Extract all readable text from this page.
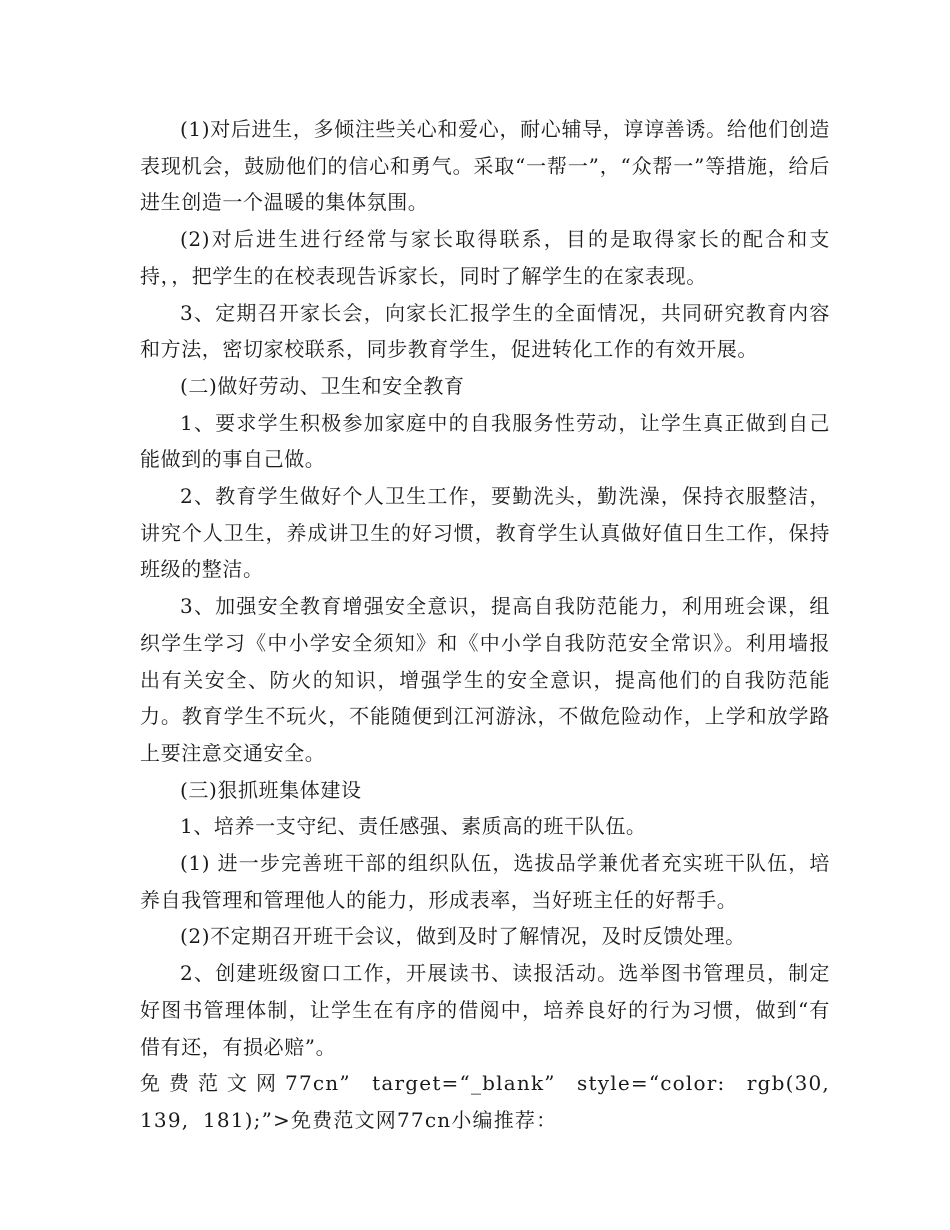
(1)对后进生，多倾注些关心和爱心，耐心辅导，谆谆善诱。给他们创造表现机会，鼓励他们的信心和勇气。采取“一帮一”，“众帮一”等措施，给后进生创造一个温暖的集体氛围。

(2)对后进生进行经常与家长取得联系，目的是取得家长的配合和支持，，把学生的在校表现告诉家长，同时了解学生的在家表现。

3、定期召开家长会，向家长汇报学生的全面情况，共同研究教育内容和方法，密切家校联系，同步教育学生，促进转化工作的有效开展。

(二)做好劳动、卫生和安全教育

1、要求学生积极参加家庭中的自我服务性劳动，让学生真正做到自己能做到的事自己做。

2、教育学生做好个人卫生工作，要勤洗头，勤洗澡，保持衣服整洁，讲究个人卫生，养成讲卫生的好习惯，教育学生认真做好值日生工作，保持班级的整洁。

3、加强安全教育增强安全意识，提高自我防范能力，利用班会课，组织学生学习《中小学安全须知》和《中小学自我防范安全常识》。利用墙报出有关安全、防火的知识，增强学生的安全意识，提高他们的自我防范能力。教育学生不玩火，不能随便到江河游泳，不做危险动作，上学和放学路上要注意交通安全。

(三)狠抓班集体建设

1、培养一支守纪、责任感强、素质高的班干队伍。

(1) 进一步完善班干部的组织队伍，选拔品学兼优者充实班干队伍，培养自我管理和管理他人的能力，形成表率，当好班主任的好帮手。

(2)不定期召开班干会议，做到及时了解情况，及时反馈处理。

2、创建班级窗口工作，开展读书、读报活动。选举图书管理员，制定好图书管理体制，让学生在有序的借阅中，培养良好的行为习惯，做到“有借有还，有损必赔”。

免费范文网77cn” target=“_blank” style=“color: rgb(30, 139, 181);”>免费范文网77cn小编推荐：
